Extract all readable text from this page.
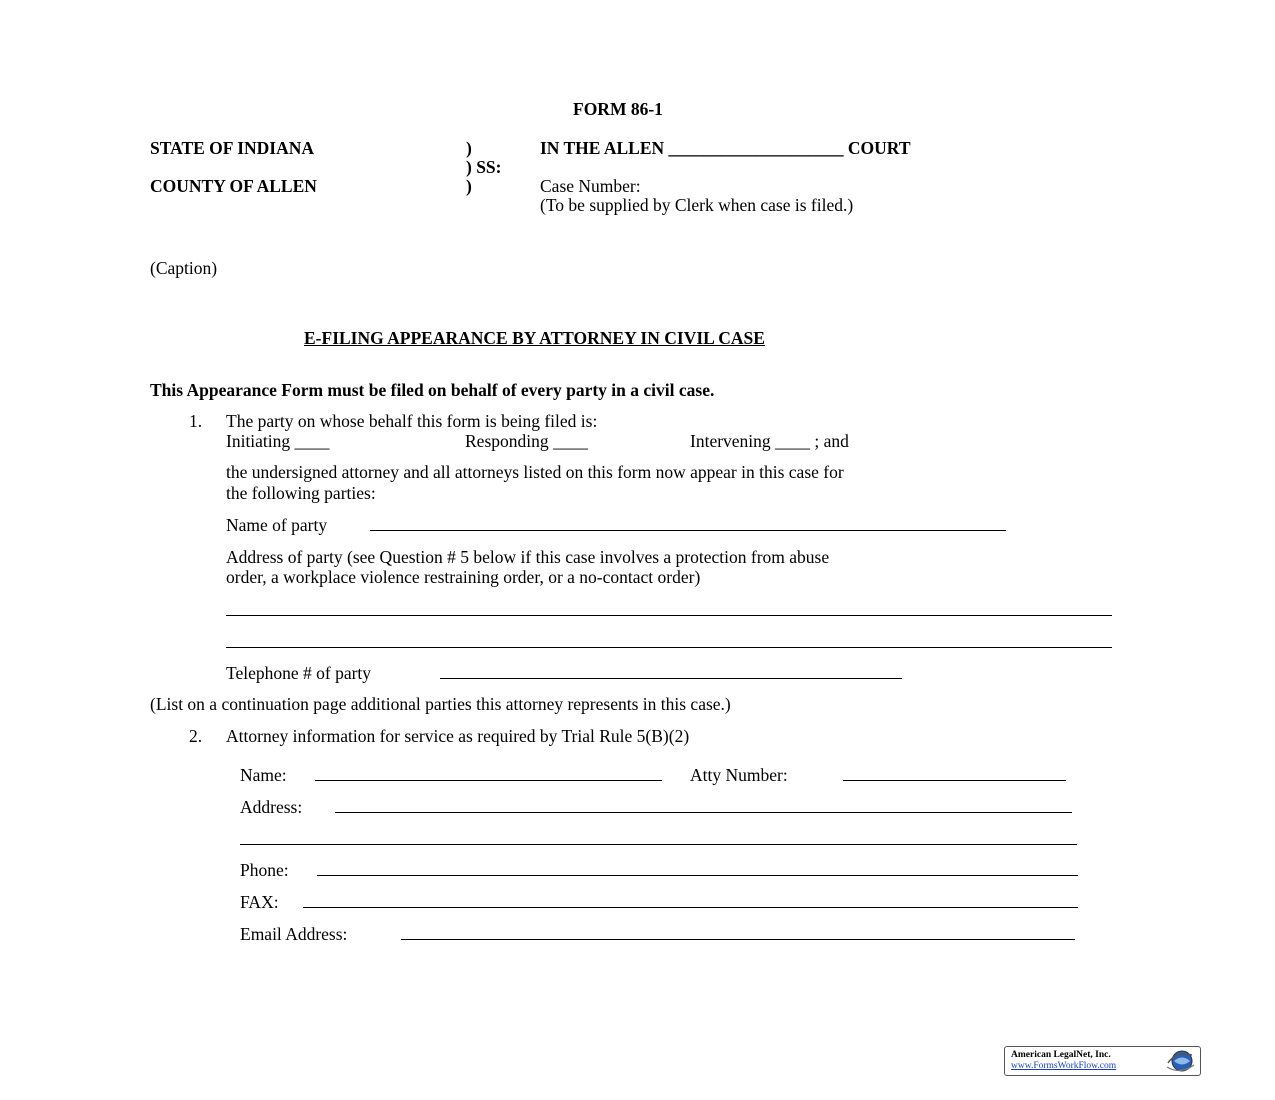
FORM 86-1
STATE OF INDIANA	)
) SS:
COUNTY OF ALLEN	)
IN THE ALLEN ____________________ COURT
Case Number:
(To be supplied by Clerk when case is filed.)
(Caption)
E-FILING APPEARANCE BY ATTORNEY IN CIVIL CASE
This Appearance Form must be filed on behalf of every party in a civil case.
1. The party on whose behalf this form is being filed is:
Initiating ____	Responding ____	Intervening ____ ; and
the undersigned attorney and all attorneys listed on this form now appear in this case for
the following parties:
Name of party
Address of party (see Question # 5 below if this case involves a protection from abuse
order, a workplace violence restraining order, or a no-contact order)
Telephone # of party
(List on a continuation page additional parties this attorney represents in this case.)
2. Attorney information for service as required by Trial Rule 5(B)(2)
Name:	Atty Number:
Address:
Phone:
FAX:
Email Address:
American LegalNet, Inc.
www.FormsWorkFlow.com
